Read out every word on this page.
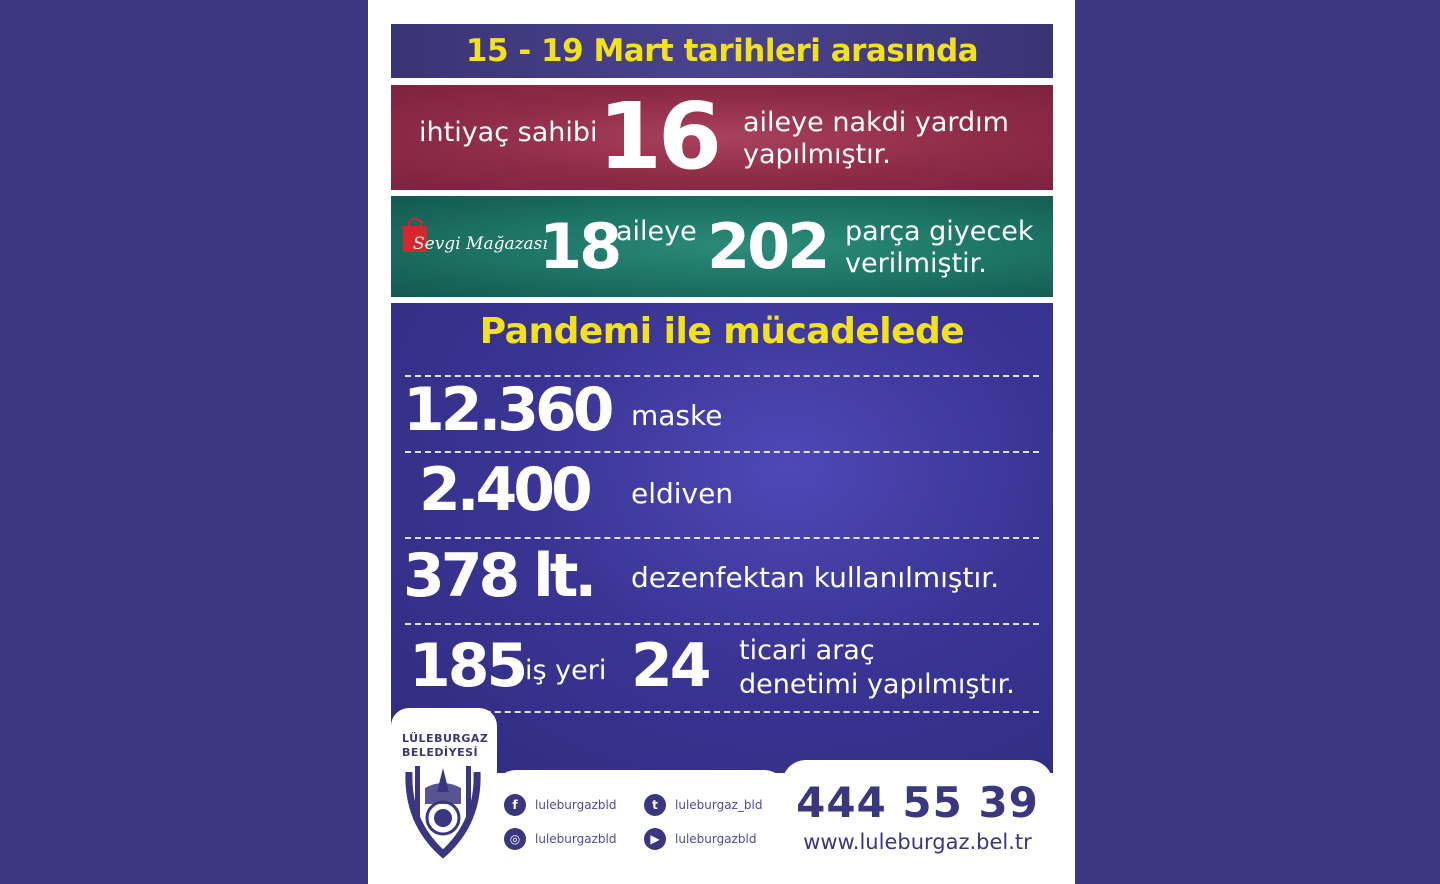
15 - 19 Mart tarihleri arasında
ihtiyaç sahibi 16 aileye nakdi yardım
yapılmıştır.
Sevgi Mağazası
18
aileye 202 parça giyecek
verilmiştir.
Pandemi ile mücadelede
12.360 maske
2.400 eldiven
378 lt. dezenfektan kullanılmıştır.
185 iş yeri 24 ticari araç
denetimi yapılmıştır.
LÜLEBURGAZ
BELEDİYESİ
f	luleburgazbld	t	luleburgaz_bld
◎	luleburgazbld	▶	luleburgazbld
444 55 39
www.luleburgaz.bel.tr
